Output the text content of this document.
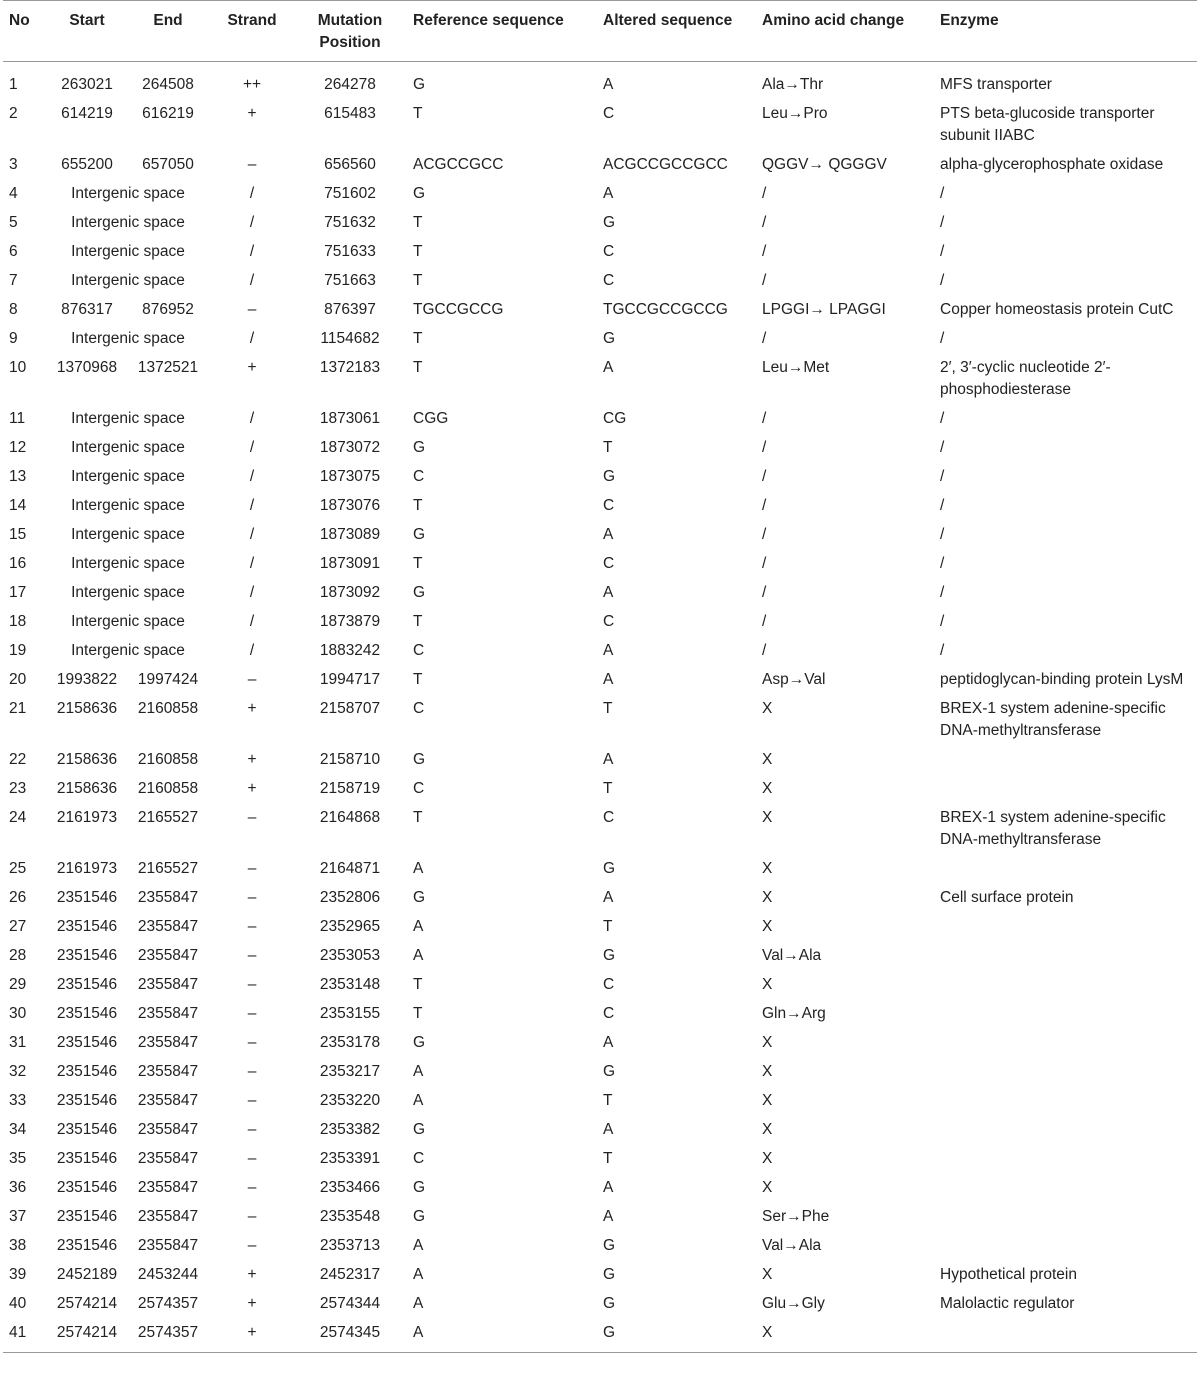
No	Start	End	Strand	Mutation Position	Reference sequence	Altered sequence	Amino acid change	Enzyme
1	263021	264508	++	264278	G	A	Ala→Thr	MFS transporter
2	614219	616219	+	615483	T	C	Leu→Pro	PTS beta-glucoside transporter subunit IIABC
3	655200	657050	–	656560	ACGCCGCC	ACGCCGCCGCC	QGGV→ QGGGV	alpha-glycerophosphate oxidase
4	Intergenic space		/	751602	G	A	/	/
5	Intergenic space		/	751632	T	G	/	/
6	Intergenic space		/	751633	T	C	/	/
7	Intergenic space		/	751663	T	C	/	/
8	876317	876952	–	876397	TGCCGCCG	TGCCGCCGCCG	LPGGI→ LPAGGI	Copper homeostasis protein CutC
9	Intergenic space		/	1154682	T	G	/	/
10	1370968	1372521	+	1372183	T	A	Leu→Met	2′, 3′-cyclic nucleotide 2′-phosphodiesterase
11	Intergenic space		/	1873061	CGG	CG	/	/
12	Intergenic space		/	1873072	G	T	/	/
13	Intergenic space		/	1873075	C	G	/	/
14	Intergenic space		/	1873076	T	C	/	/
15	Intergenic space		/	1873089	G	A	/	/
16	Intergenic space		/	1873091	T	C	/	/
17	Intergenic space		/	1873092	G	A	/	/
18	Intergenic space		/	1873879	T	C	/	/
19	Intergenic space		/	1883242	C	A	/	/
20	1993822	1997424	–	1994717	T	A	Asp→Val	peptidoglycan-binding protein LysM
21	2158636	2160858	+	2158707	C	T	X	BREX-1 system adenine-specific DNA-methyltransferase
22	2158636	2160858	+	2158710	G	A	X	
23	2158636	2160858	+	2158719	C	T	X	
24	2161973	2165527	–	2164868	T	C	X	BREX-1 system adenine-specific DNA-methyltransferase
25	2161973	2165527	–	2164871	A	G	X	
26	2351546	2355847	–	2352806	G	A	X	Cell surface protein
27	2351546	2355847	–	2352965	A	T	X	
28	2351546	2355847	–	2353053	A	G	Val→Ala	
29	2351546	2355847	–	2353148	T	C	X	
30	2351546	2355847	–	2353155	T	C	Gln→Arg	
31	2351546	2355847	–	2353178	G	A	X	
32	2351546	2355847	–	2353217	A	G	X	
33	2351546	2355847	–	2353220	A	T	X	
34	2351546	2355847	–	2353382	G	A	X	
35	2351546	2355847	–	2353391	C	T	X	
36	2351546	2355847	–	2353466	G	A	X	
37	2351546	2355847	–	2353548	G	A	Ser→Phe	
38	2351546	2355847	–	2353713	A	G	Val→Ala	
39	2452189	2453244	+	2452317	A	G	X	Hypothetical protein
40	2574214	2574357	+	2574344	A	G	Glu→Gly	Malolactic regulator
41	2574214	2574357	+	2574345	A	G	X	
